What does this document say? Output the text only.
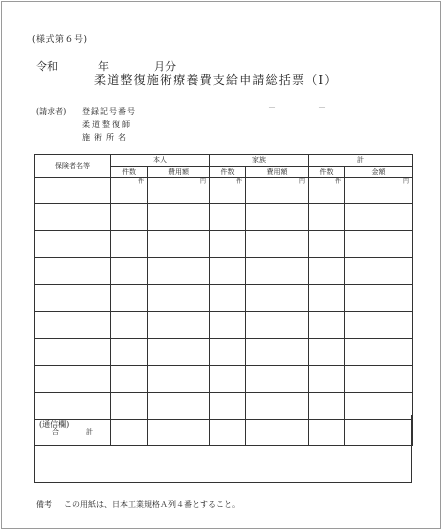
(様式第６号)
令和	年	月分
柔道整復施術療養費支給申請総括票（Ⅰ）
(請求者) 登録記号番号	－	－
柔道整復師
施術所名
保険者名等	本人		家族		計	
	件数	費用額	件数	費用額	件数	金額

	件	円	件	円	件	円

合　計						
(通信欄)
備考 この用紙は、日本工業規格Ａ列４番とすること。
